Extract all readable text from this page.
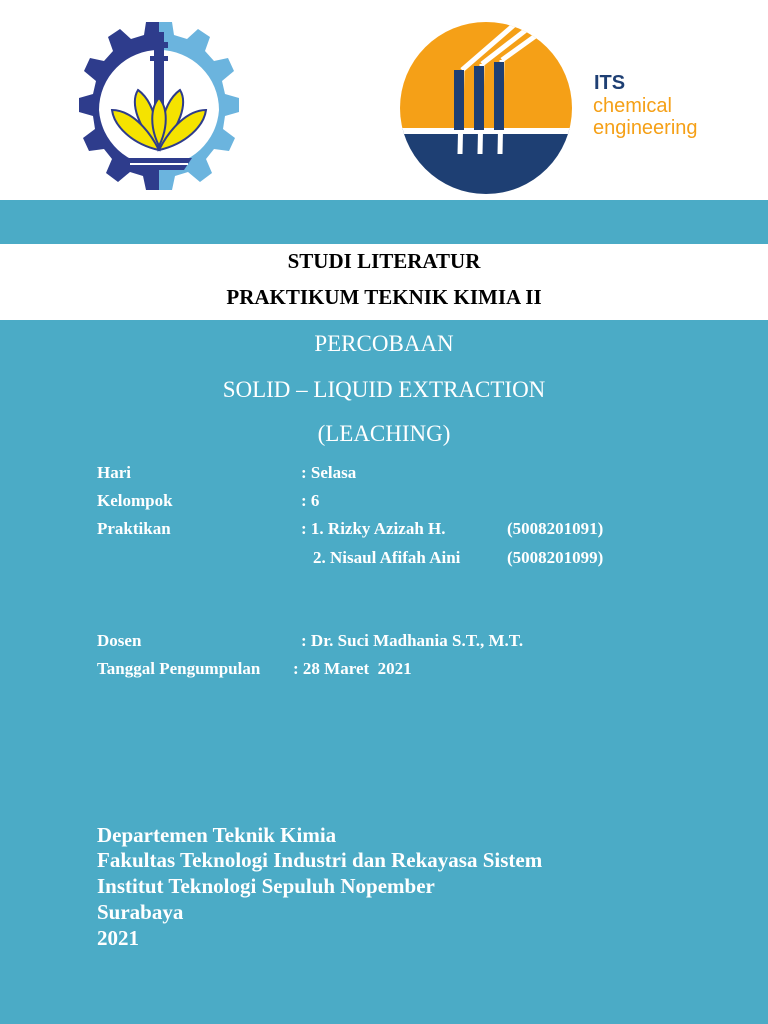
ITS
chemical
engineering
STUDI LITERATUR
PRAKTIKUM TEKNIK KIMIA II
PERCOBAAN
SOLID – LIQUID EXTRACTION
(LEACHING)
Hari	: Selasa
Kelompok	: 6
Praktikan	: 1. Rizky Azizah H.	(5008201091)
2. Nisaul Afifah Aini	(5008201099)
Dosen	: Dr. Suci Madhania S.T., M.T.
Tanggal Pengumpulan : 28 Maret  2021
Departemen Teknik Kimia
Fakultas Teknologi Industri dan Rekayasa Sistem
Institut Teknologi Sepuluh Nopember
Surabaya
2021
